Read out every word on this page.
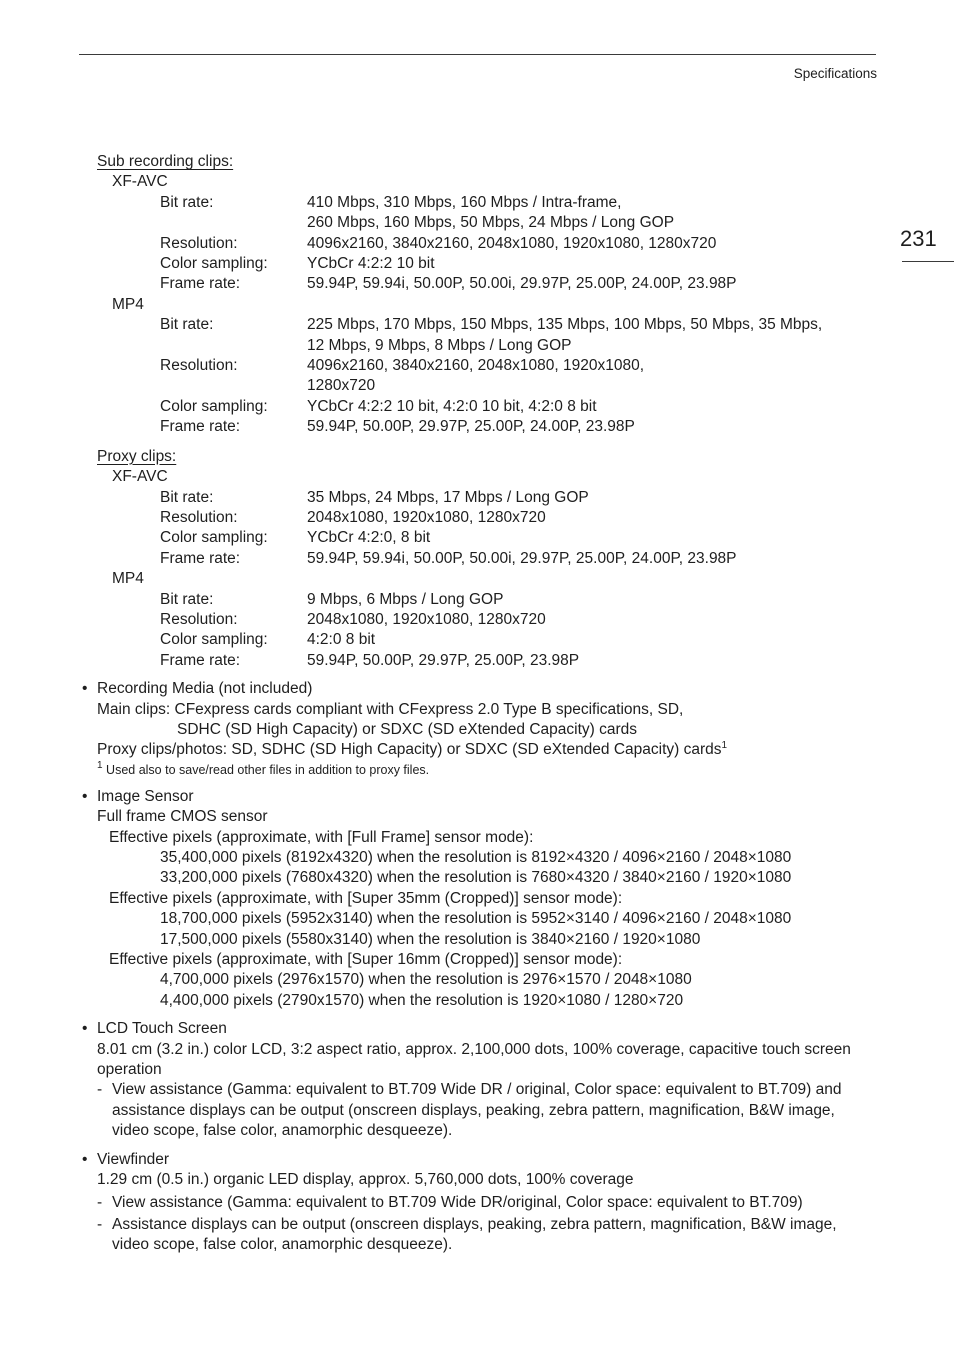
Specifications
231
Sub recording clips:
XF-AVC
Bit rate:	410 Mbps, 310 Mbps, 160 Mbps / Intra-frame,
260 Mbps, 160 Mbps, 50 Mbps, 24 Mbps / Long GOP
Resolution:	4096x2160, 3840x2160, 2048x1080, 1920x1080, 1280x720
Color sampling:	YCbCr 4:2:2 10 bit
Frame rate:	59.94P, 59.94i, 50.00P, 50.00i, 29.97P, 25.00P, 24.00P, 23.98P
MP4
Bit rate:	225 Mbps, 170 Mbps, 150 Mbps, 135 Mbps, 100 Mbps, 50 Mbps, 35 Mbps,
12 Mbps, 9 Mbps, 8 Mbps / Long GOP
Resolution:	4096x2160, 3840x2160, 2048x1080, 1920x1080,
1280x720
Color sampling:	YCbCr 4:2:2 10 bit, 4:2:0 10 bit, 4:2:0 8 bit
Frame rate:	59.94P, 50.00P, 29.97P, 25.00P, 24.00P, 23.98P
Proxy clips:
XF-AVC
Bit rate:	35 Mbps, 24 Mbps, 17 Mbps / Long GOP
Resolution:	2048x1080, 1920x1080, 1280x720
Color sampling:	YCbCr 4:2:0, 8 bit
Frame rate:	59.94P, 59.94i, 50.00P, 50.00i, 29.97P, 25.00P, 24.00P, 23.98P
MP4
Bit rate:	9 Mbps, 6 Mbps / Long GOP
Resolution:	2048x1080, 1920x1080, 1280x720
Color sampling:	4:2:0 8 bit
Frame rate:	59.94P, 50.00P, 29.97P, 25.00P, 23.98P
• Recording Media (not included)
Main clips: CFexpress cards compliant with CFexpress 2.0 Type B specifications, SD,
SDHC (SD High Capacity) or SDXC (SD eXtended Capacity) cards
Proxy clips/photos: SD, SDHC (SD High Capacity) or SDXC (SD eXtended Capacity) cards$^1$
$^1$ Used also to save/read other files in addition to proxy files.
• Image Sensor
Full frame CMOS sensor
Effective pixels (approximate, with [Full Frame] sensor mode):
35,400,000 pixels (8192x4320) when the resolution is 8192×4320 / 4096×2160 / 2048×1080
33,200,000 pixels (7680x4320) when the resolution is 7680×4320 / 3840×2160 / 1920×1080
Effective pixels (approximate, with [Super 35mm (Cropped)] sensor mode):
18,700,000 pixels (5952x3140) when the resolution is 5952×3140 / 4096×2160 / 2048×1080
17,500,000 pixels (5580x3140) when the resolution is 3840×2160 / 1920×1080
Effective pixels (approximate, with [Super 16mm (Cropped)] sensor mode):
4,700,000 pixels (2976x1570) when the resolution is 2976×1570 / 2048×1080
4,400,000 pixels (2790x1570) when the resolution is 1920×1080 / 1280×720
• LCD Touch Screen
8.01 cm (3.2 in.) color LCD, 3:2 aspect ratio, approx. 2,100,000 dots, 100% coverage, capacitive touch screen operation
- View assistance (Gamma: equivalent to BT.709 Wide DR / original, Color space: equivalent to BT.709) and assistance displays can be output (onscreen displays, peaking, zebra pattern, magnification, B&W image, video scope, false color, anamorphic desqueeze).
• Viewfinder
1.29 cm (0.5 in.) organic LED display, approx. 5,760,000 dots, 100% coverage
- View assistance (Gamma: equivalent to BT.709 Wide DR/original, Color space: equivalent to BT.709)
- Assistance displays can be output (onscreen displays, peaking, zebra pattern, magnification, B&W image, video scope, false color, anamorphic desqueeze).
